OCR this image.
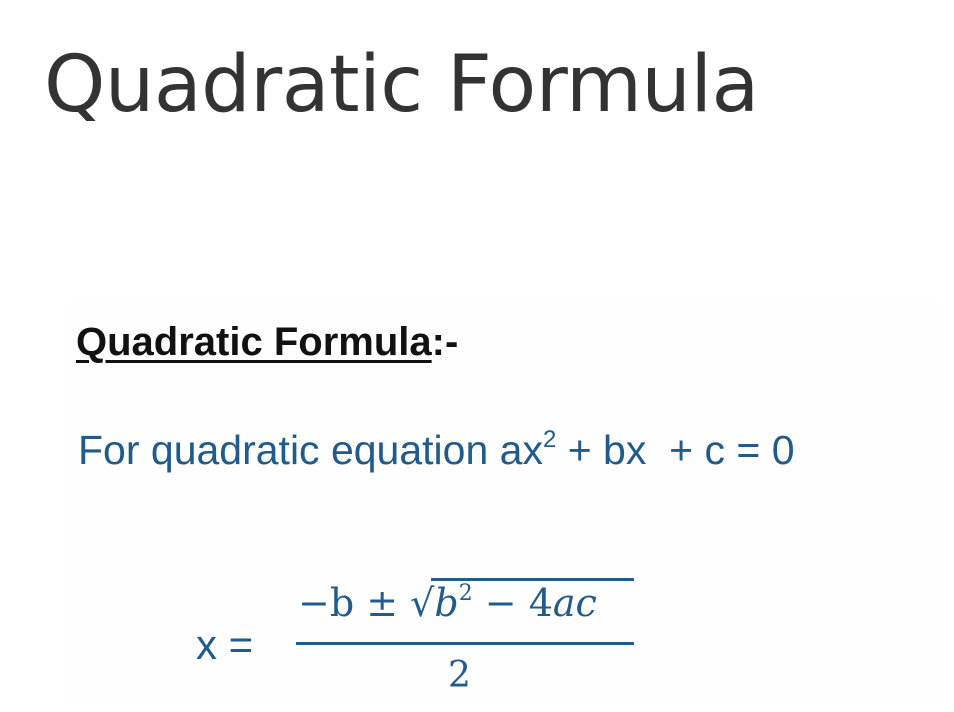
Quadratic Formula
Quadratic Formula:-

For quadratic equation $ax^2$ + bx  + c = 0

x =
$-b \pm √b^2 - 4ac$
2
